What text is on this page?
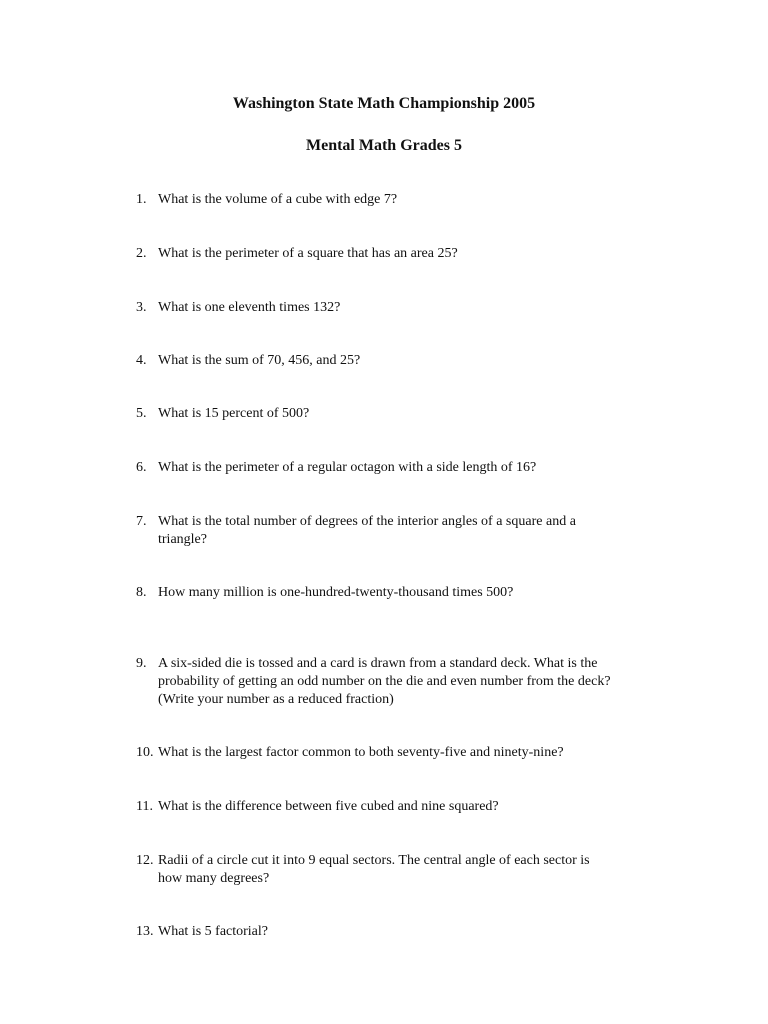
Washington State Math Championship 2005
Mental Math Grades 5
1. What is the volume of a cube with edge 7?
2. What is the perimeter of a square that has an area 25?
3. What is one eleventh times 132?
4. What is the sum of 70, 456, and 25?
5. What is 15 percent of 500?
6. What is the perimeter of a regular octagon with a side length of 16?
7. What is the total number of degrees of the interior angles of a square and a
triangle?
8. How many million is one-hundred-twenty-thousand times 500?
9. A six-sided die is tossed and a card is drawn from a standard deck. What is the
probability of getting an odd number on the die and even number from the deck?
(Write your number as a reduced fraction)
10. What is the largest factor common to both seventy-five and ninety-nine?
11. What is the difference between five cubed and nine squared?
12. Radii of a circle cut it into 9 equal sectors. The central angle of each sector is
how many degrees?
13. What is 5 factorial?
